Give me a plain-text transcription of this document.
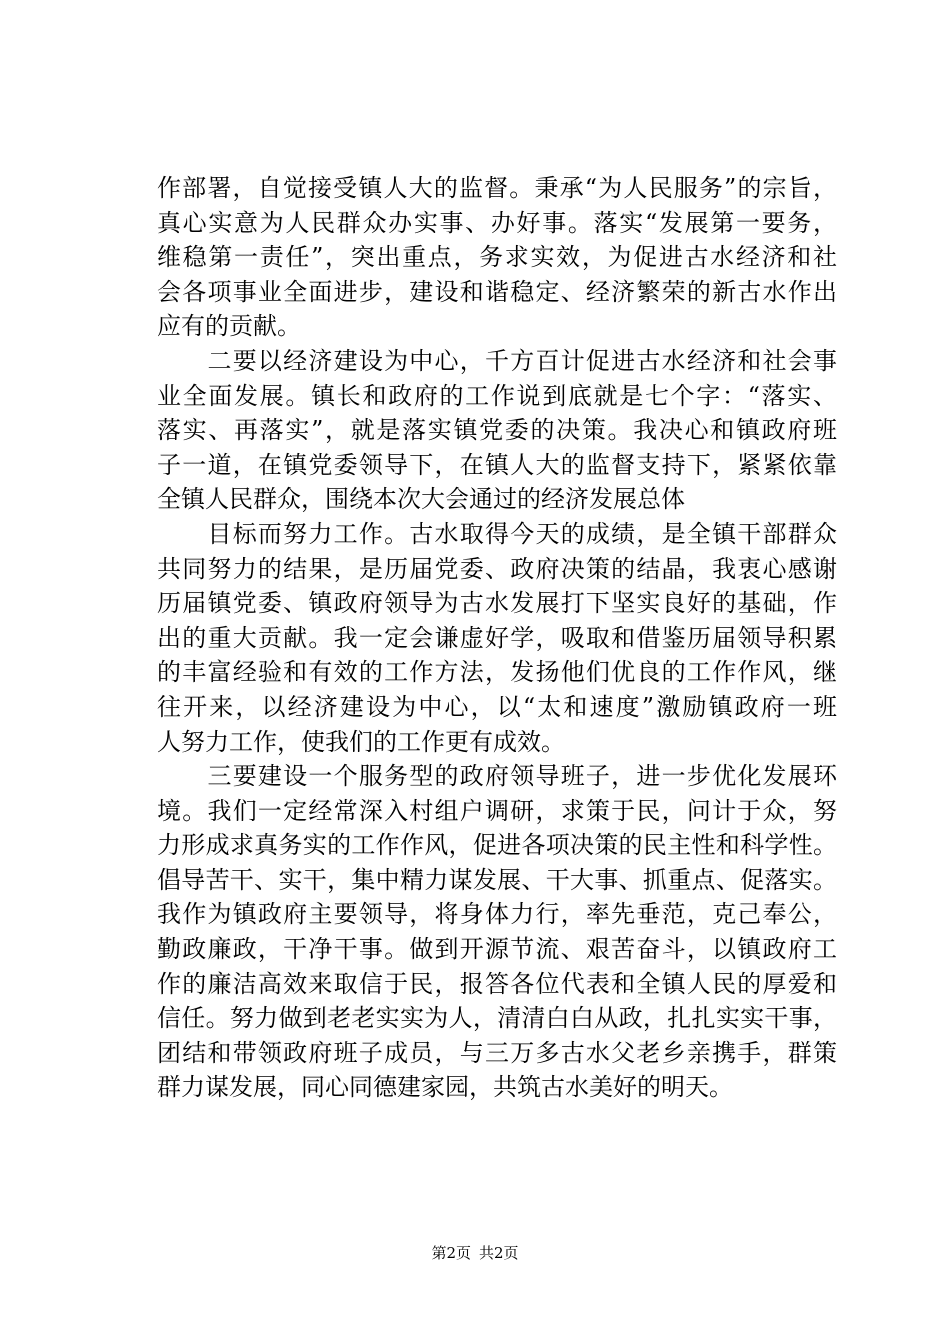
作部署，自觉接受镇人大的监督。秉承“为人民服务”的宗旨，
真心实意为人民群众办实事、办好事。落实“发展第一要务，
维稳第一责任”，突出重点，务求实效，为促进古水经济和社
会各项事业全面进步，建设和谐稳定、经济繁荣的新古水作出
应有的贡献。
　　二要以经济建设为中心，千方百计促进古水经济和社会事
业全面发展。镇长和政府的工作说到底就是七个字：“落实、
落实、再落实”，就是落实镇党委的决策。我决心和镇政府班
子一道，在镇党委领导下，在镇人大的监督支持下，紧紧依靠
全镇人民群众，围绕本次大会通过的经济发展总体
　　目标而努力工作。古水取得今天的成绩，是全镇干部群众
共同努力的结果，是历届党委、政府决策的结晶，我衷心感谢
历届镇党委、镇政府领导为古水发展打下坚实良好的基础，作
出的重大贡献。我一定会谦虚好学，吸取和借鉴历届领导积累
的丰富经验和有效的工作方法，发扬他们优良的工作作风，继
往开来，以经济建设为中心，以“太和速度”激励镇政府一班
人努力工作，使我们的工作更有成效。
　　三要建设一个服务型的政府领导班子，进一步优化发展环
境。我们一定经常深入村组户调研，求策于民，问计于众，努
力形成求真务实的工作作风，促进各项决策的民主性和科学性。
倡导苦干、实干，集中精力谋发展、干大事、抓重点、促落实。
我作为镇政府主要领导，将身体力行，率先垂范，克己奉公，
勤政廉政，干净干事。做到开源节流、艰苦奋斗，以镇政府工
作的廉洁高效来取信于民，报答各位代表和全镇人民的厚爱和
信任。努力做到老老实实为人，清清白白从政，扎扎实实干事，
团结和带领政府班子成员，与三万多古水父老乡亲携手，群策
群力谋发展，同心同德建家园，共筑古水美好的明天。
第2页 共2页
